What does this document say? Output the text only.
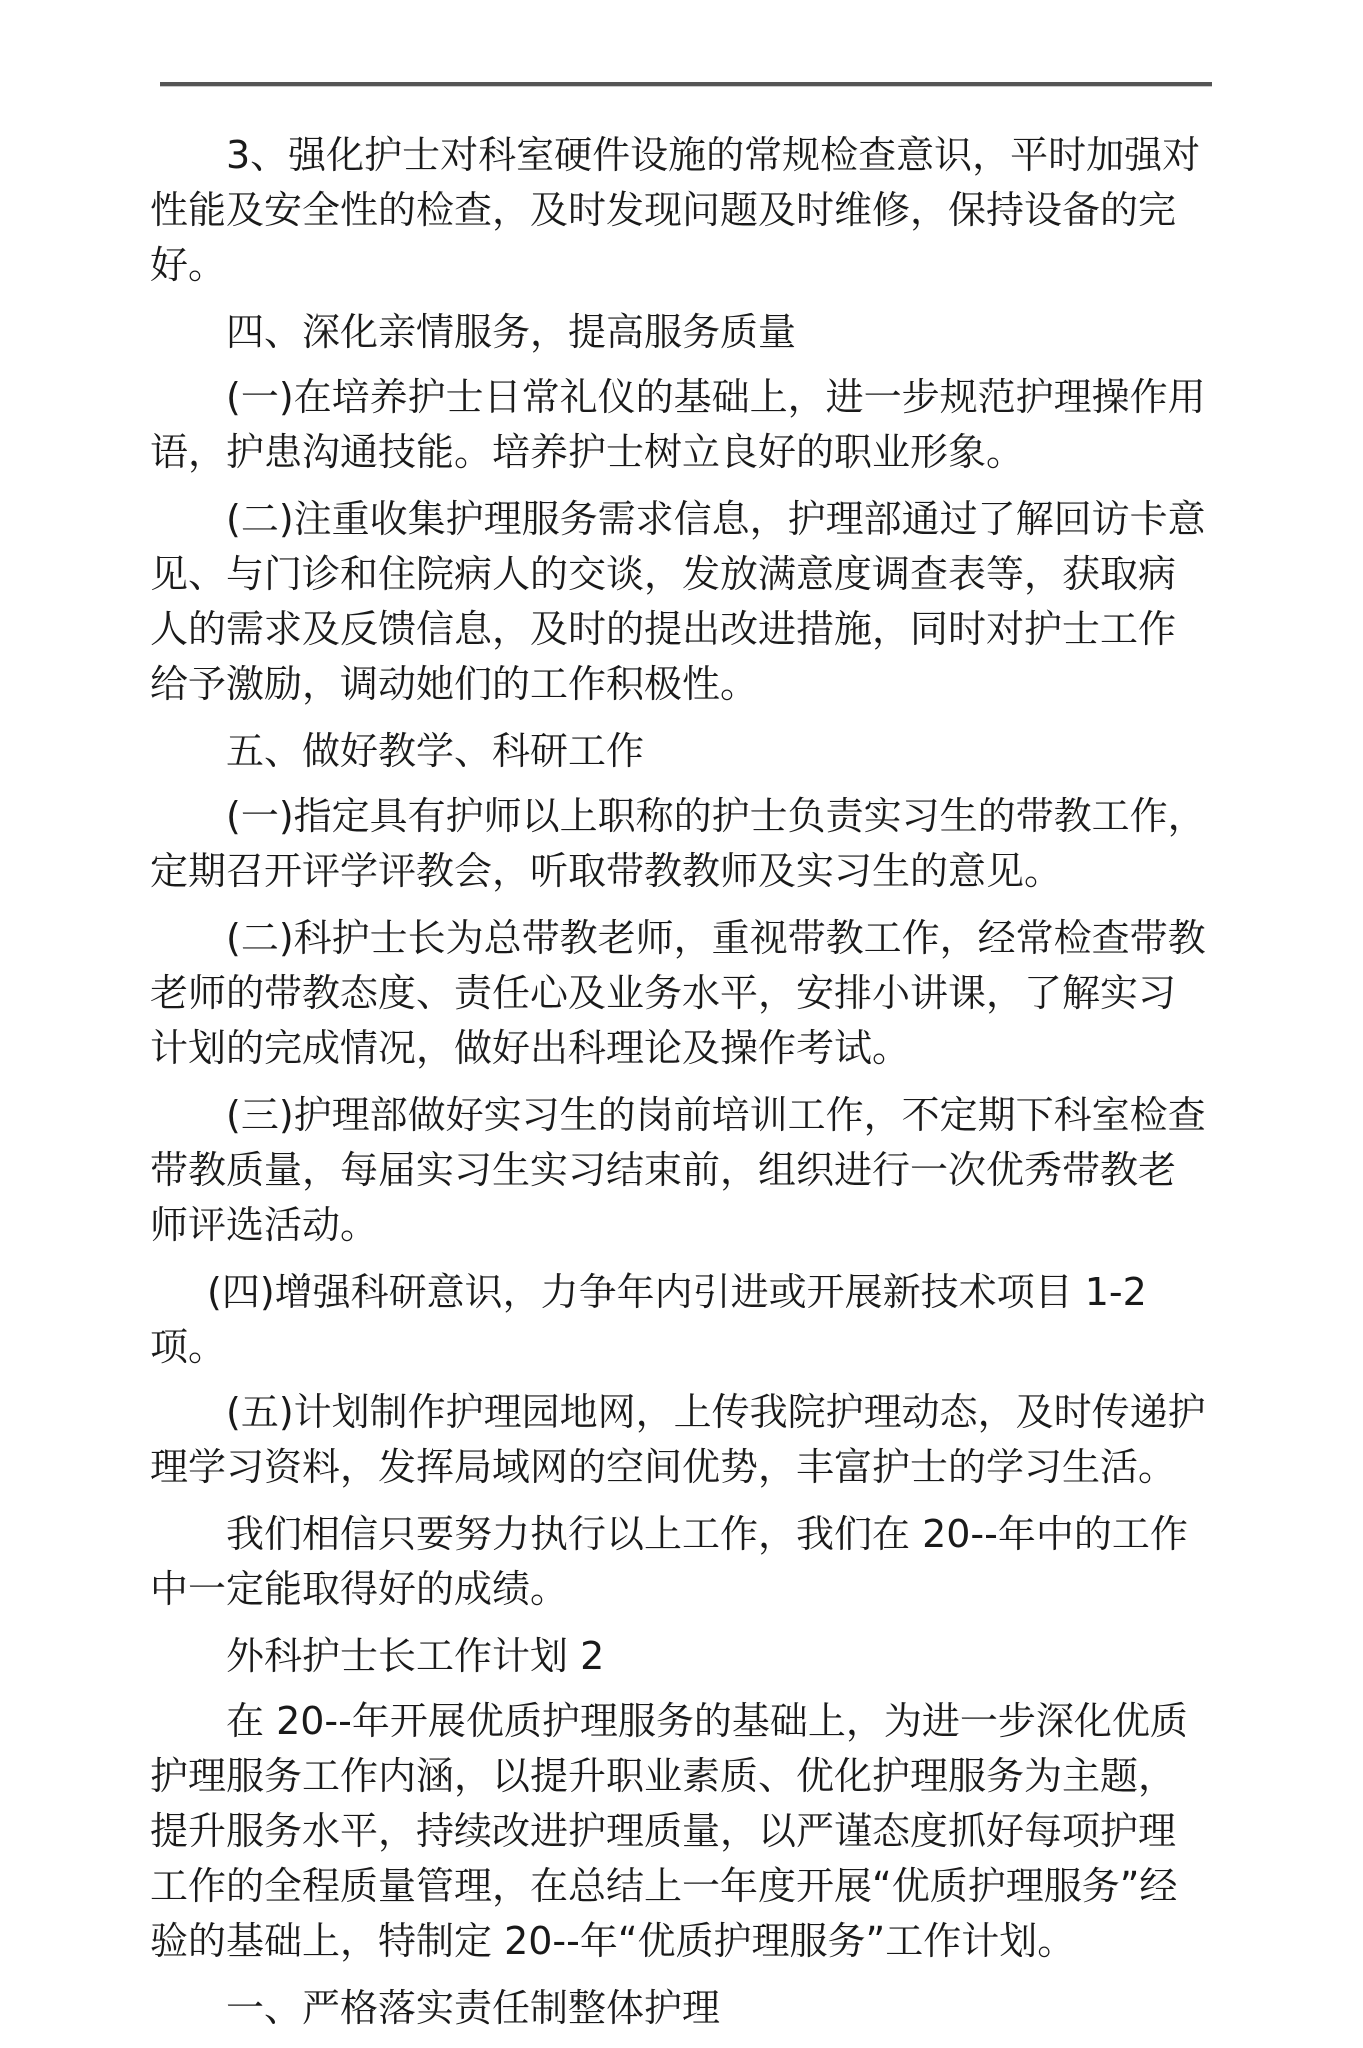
3、强化护士对科室硬件设施的常规检查意识，平时加强对性能及安全性的检查，及时发现问题及时维修，保持设备的完好。

四、深化亲情服务，提高服务质量

(一)在培养护士日常礼仪的基础上，进一步规范护理操作用语，护患沟通技能。培养护士树立良好的职业形象。

(二)注重收集护理服务需求信息，护理部通过了解回访卡意见、与门诊和住院病人的交谈，发放满意度调查表等，获取病人的需求及反馈信息，及时的提出改进措施，同时对护士工作给予激励，调动她们的工作积极性。

五、做好教学、科研工作

(一)指定具有护师以上职称的护士负责实习生的带教工作，定期召开评学评教会，听取带教教师及实习生的意见。

(二)科护士长为总带教老师，重视带教工作，经常检查带教老师的带教态度、责任心及业务水平，安排小讲课，了解实习计划的完成情况，做好出科理论及操作考试。

(三)护理部做好实习生的岗前培训工作，不定期下科室检查带教质量，每届实习生实习结束前，组织进行一次优秀带教老师评选活动。

(四)增强科研意识，力争年内引进或开展新技术项目 1-2 项。

(五)计划制作护理园地网，上传我院护理动态，及时传递护理学习资料，发挥局域网的空间优势，丰富护士的学习生活。

我们相信只要努力执行以上工作，我们在 20--年中的工作中一定能取得好的成绩。

外科护士长工作计划 2

在 20--年开展优质护理服务的基础上，为进一步深化优质护理服务工作内涵，以提升职业素质、优化护理服务为主题，提升服务水平，持续改进护理质量，以严谨态度抓好每项护理工作的全程质量管理，在总结上一年度开展“优质护理服务”经验的基础上，特制定 20--年“优质护理服务”工作计划。

一、严格落实责任制整体护理
